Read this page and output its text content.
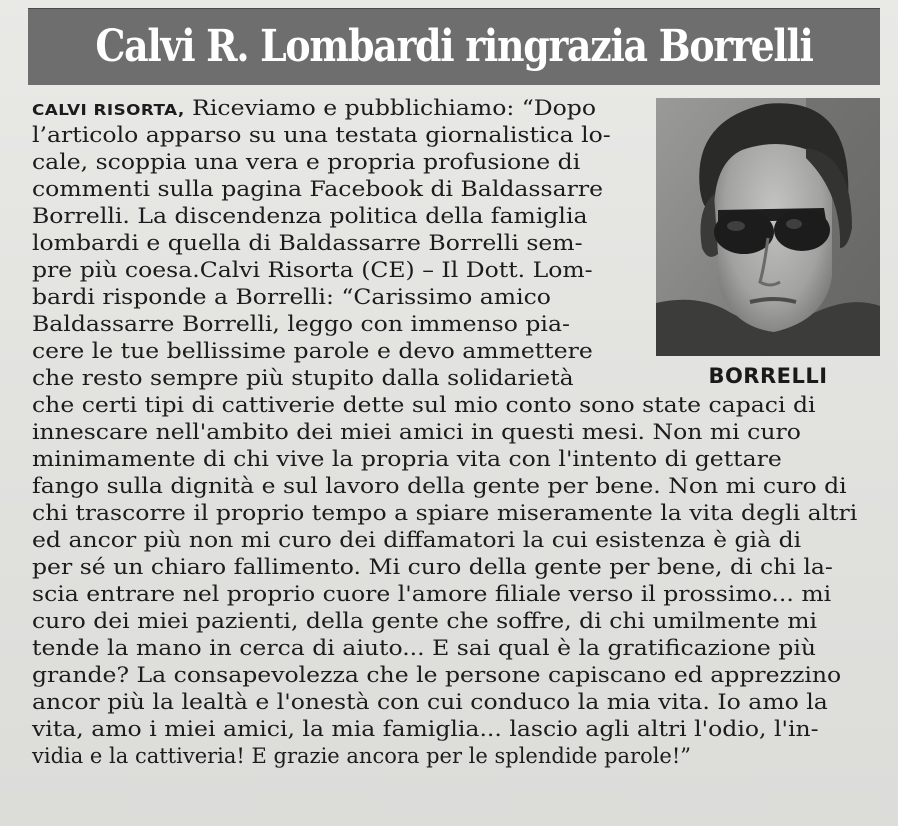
Calvi R. Lombardi ringrazia Borrelli
BORRELLI
CALVI RISORTA, Riceviamo e pubblichiamo: “Dopo
l’articolo apparso su una testata giornalistica lo-
cale, scoppia una vera e propria profusione di
commenti sulla pagina Facebook di Baldassarre
Borrelli. La discendenza politica della famiglia
lombardi e quella di Baldassarre Borrelli sem-
pre più coesa.Calvi Risorta (CE) – Il Dott. Lom-
bardi risponde a Borrelli: “Carissimo amico
Baldassarre Borrelli, leggo con immenso pia-
cere le tue bellissime parole e devo ammettere
che resto sempre più stupito dalla solidarietà
che certi tipi di cattiverie dette sul mio conto sono state capaci di
innescare nell'ambito dei miei amici in questi mesi. Non mi curo
minimamente di chi vive la propria vita con l'intento di gettare
fango sulla dignità e sul lavoro della gente per bene. Non mi curo di
chi trascorre il proprio tempo a spiare miseramente la vita degli altri
ed ancor più non mi curo dei diffamatori la cui esistenza è già di
per sé un chiaro fallimento. Mi curo della gente per bene, di chi la-
scia entrare nel proprio cuore l'amore filiale verso il prossimo... mi
curo dei miei pazienti, della gente che soffre, di chi umilmente mi
tende la mano in cerca di aiuto... E sai qual è la gratificazione più
grande? La consapevolezza che le persone capiscano ed apprezzino
ancor più la lealtà e l'onestà con cui conduco la mia vita. Io amo la
vita, amo i miei amici, la mia famiglia... lascio agli altri l'odio, l'in-
vidia e la cattiveria! E grazie ancora per le splendide parole!”
